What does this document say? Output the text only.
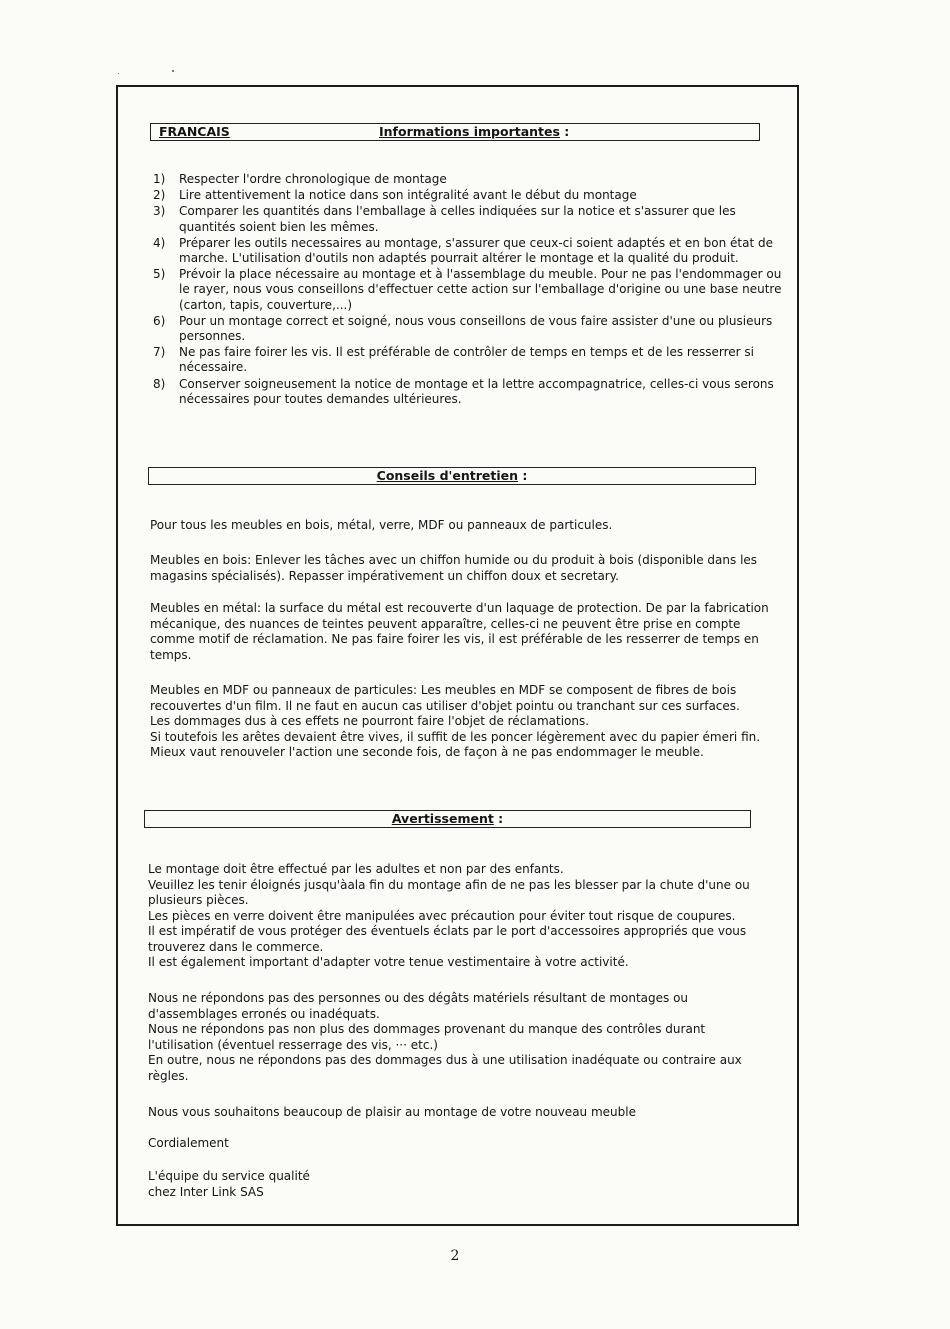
FRANCAIS	Informations importantes :
1) Respecter l'ordre chronologique de montage
2) Lire attentivement la notice dans son intégralité avant le début du montage
3) Comparer les quantités dans l'emballage à celles indiquées sur la notice et s'assurer que les quantités soient bien les mêmes.
4) Préparer les outils necessaires au montage, s'assurer que ceux-ci soient adaptés et en bon état de marche. L'utilisation d'outils non adaptés pourrait altérer le montage et la qualité du produit.
5) Prévoir la place nécessaire au montage et à l'assemblage du meuble. Pour ne pas l'endommager ou le rayer, nous vous conseillons d'effectuer cette action sur l'emballage d'origine ou une base neutre (carton, tapis, couverture,...)
6) Pour un montage correct et soigné, nous vous conseillons de vous faire assister d'une ou plusieurs personnes.
7) Ne pas faire foirer les vis. Il est préférable de contrôler de temps en temps et de les resserrer si nécessaire.
8) Conserver soigneusement la notice de montage et la lettre accompagnatrice, celles-ci vous serons nécessaires pour toutes demandes ultérieures.
Conseils d'entretien :

Pour tous les meubles en bois, métal, verre, MDF ou panneaux de particules.

Meubles en bois: Enlever les tâches avec un chiffon humide ou du produit à bois (disponible dans les magasins spécialisés). Repasser impérativement un chiffon doux et secretary.

Meubles en métal: la surface du métal est recouverte d'un laquage de protection. De par la fabrication mécanique, des nuances de teintes peuvent apparaître, celles-ci ne peuvent être prise en compte comme motif de réclamation. Ne pas faire foirer les vis, il est préférable de les resserrer de temps en temps.

Meubles en MDF ou panneaux de particules: Les meubles en MDF se composent de fibres de bois recouvertes d'un film. Il ne faut en aucun cas utiliser d'objet pointu ou tranchant sur ces surfaces.
Les dommages dus à ces effets ne pourront faire l'objet de réclamations.
Si toutefois les arêtes devaient être vives, il suffit de les poncer légèrement avec du papier émeri fin. Mieux vaut renouveler l'action une seconde fois, de façon à ne pas endommager le meuble.
Avertissement :

Le montage doit être effectué par les adultes et non par des enfants.

Veuillez les tenir éloignés jusqu'àala fin du montage afin de ne pas les blesser par la chute d'une ou plusieurs pièces.

Les pièces en verre doivent être manipulées avec précaution pour éviter tout risque de coupures.

Il est impératif de vous protéger des éventuels éclats par le port d'accessoires appropriés que vous trouverez dans le commerce.

Il est également important d'adapter votre tenue vestimentaire à votre activité.

Nous ne répondons pas des personnes ou des dégâts matériels résultant de montages ou d'assemblages erronés ou inadéquats.

Nous ne répondons pas non plus des dommages provenant du manque des contrôles durant l'utilisation (éventuel resserrage des vis, ··· etc.)

En outre, nous ne répondons pas des dommages dus à une utilisation inadéquate ou contraire aux règles.

Nous vous souhaitons beaucoup de plaisir au montage de votre nouveau meuble
Cordialement

L'équipe du service qualité

chez Inter Link SAS

2
